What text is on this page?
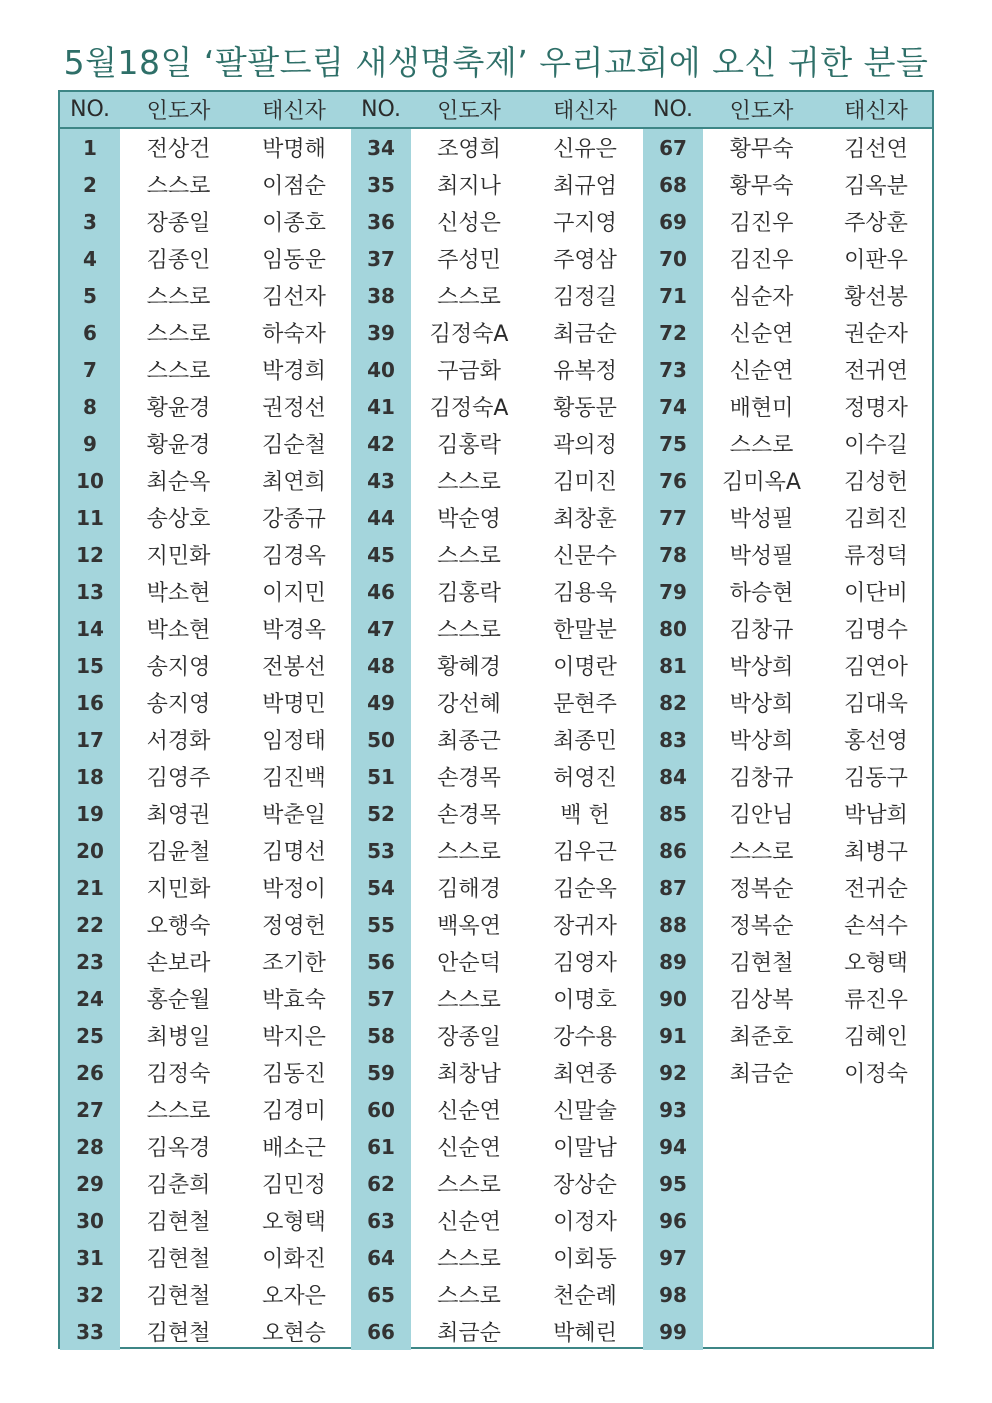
5월18일 ‘팔팔드림 새생명축제’ 우리교회에 오신 귀한 분들
NO.	인도자	태신자	NO.	인도자	태신자	NO.	인도자	태신자
1	전상건	박명해	34	조영희	신유은	67	황무숙	김선연
2	스스로	이점순	35	최지나	최규엄	68	황무숙	김옥분
3	장종일	이종호	36	신성은	구지영	69	김진우	주상훈
4	김종인	임동운	37	주성민	주영삼	70	김진우	이판우
5	스스로	김선자	38	스스로	김정길	71	심순자	황선봉
6	스스로	하숙자	39	김정숙A	최금순	72	신순연	권순자
7	스스로	박경희	40	구금화	유복정	73	신순연	전귀연
8	황윤경	권정선	41	김정숙A	황동문	74	배현미	정명자
9	황윤경	김순철	42	김홍락	곽의정	75	스스로	이수길
10	최순옥	최연희	43	스스로	김미진	76	김미옥A	김성헌
11	송상호	강종규	44	박순영	최창훈	77	박성필	김희진
12	지민화	김경옥	45	스스로	신문수	78	박성필	류정덕
13	박소현	이지민	46	김홍락	김용욱	79	하승현	이단비
14	박소현	박경옥	47	스스로	한말분	80	김창규	김명수
15	송지영	전봉선	48	황혜경	이명란	81	박상희	김연아
16	송지영	박명민	49	강선혜	문현주	82	박상희	김대욱
17	서경화	임정태	50	최종근	최종민	83	박상희	홍선영
18	김영주	김진백	51	손경목	허영진	84	김창규	김동구
19	최영권	박춘일	52	손경목	백 헌	85	김안님	박남희
20	김윤철	김명선	53	스스로	김우근	86	스스로	최병구
21	지민화	박정이	54	김해경	김순옥	87	정복순	전귀순
22	오행숙	정영헌	55	백옥연	장귀자	88	정복순	손석수
23	손보라	조기한	56	안순덕	김영자	89	김현철	오형택
24	홍순월	박효숙	57	스스로	이명호	90	김상복	류진우
25	최병일	박지은	58	장종일	강수용	91	최준호	김혜인
26	김정숙	김동진	59	최창남	최연종	92	최금순	이정숙
27	스스로	김경미	60	신순연	신말술	93		
28	김옥경	배소근	61	신순연	이말남	94		
29	김춘희	김민정	62	스스로	장상순	95		
30	김현철	오형택	63	신순연	이정자	96		
31	김현철	이화진	64	스스로	이회동	97		
32	김현철	오자은	65	스스로	천순례	98		
33	김현철	오현승	66	최금순	박혜린	99		
